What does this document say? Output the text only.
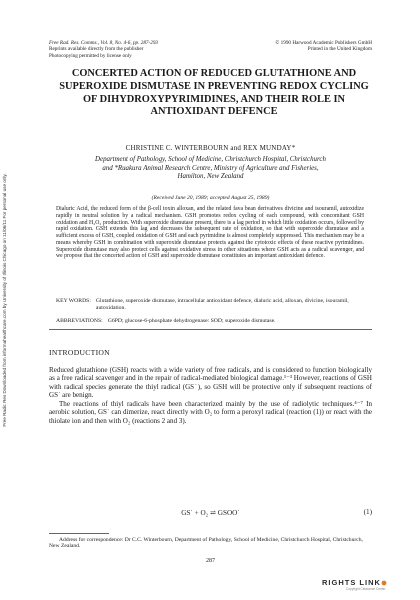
Free Radic Res Downloaded from informahealthcare.com by University of Illinois Chicago on 11/06/11 For personal use only.
Free Rad. Res. Comms., Vol. 8, No. 4-6, pp. 287-293
Reprints available directly from the publisher
Photocopying permitted by license only
© 1990 Harwood Academic Publishers GmbH
Printed in the United Kingdom
CONCERTED ACTION OF REDUCED GLUTATHIONE AND SUPEROXIDE DISMUTASE IN PREVENTING REDOX CYCLING OF DIHYDROXYPYRIMIDINES, AND THEIR ROLE IN ANTIOXIDANT DEFENCE
CHRISTINE C. WINTERBOURN and REX MUNDAY*
Department of Pathology, School of Medicine, Christchurch Hospital, Christchurch
and *Ruakura Animal Research Centre, Ministry of Agriculture and Fisheries,
Hamilton, New Zealand
(Received June 20, 1989; accepted August 25, 1989)

Dialuric Acid, the reduced form of the β-cell toxin alloxan, and the related fava bean derivatives divicine and isouramil, autoxidize rapidly in neutral solution by a radical mechanism. GSH promotes redox cycling of each compound, with concomitant GSH oxidation and H₂O₂ production. With superoxide dismutase present, there is a lag period in which little oxidation occurs, followed by rapid oxidation. GSH extends this lag and decreases the subsequent rate of oxidation, so that with superoxide dismutase and a sufficient excess of GSH, coupled oxidation of GSH and each pyrimidine is almost completely suppressed. This mechanism may be a means whereby GSH in combination with superoxide dismutase protects against the cytotoxic effects of these reactive pyrimidines. Superoxide dismutase may also protect cells against oxidative stress in other situations where GSH acts as a radical scavenger, and we propose that the concerted action of GSH and superoxide dismutase constitutes an important antioxidant defence.

KEY WORDS: Glutathione, superoxide dismutase, intracellular antioxidant defence, dialuric acid, alloxan, divicine, isouramil, autoxidation.
ABBREVIATIONS: G6PD; glucose-6-phosphate dehydrogenase: SOD; superoxide dismutase.
INTRODUCTION

Reduced glutathione (GSH) reacts with a wide variety of free radicals, and is considered to function biologically as a free radical scavenger and in the repair of radical-mediated biological damage.¹⁻³ However, reactions of GSH with radical species generate the thiyl radical (GS˙), so GSH will be protective only if subsequent reactions of GS˙ are benign.

The reactions of thiyl radicals have been characterized mainly by the use of radiolytic techniques.⁴⁻⁷ In aerobic solution, GS˙ can dimerize, react directly with O₂ to form a peroxyl radical (reaction (1)) or react with the thiolate ion and then with O₂ (reactions 2 and 3).

GS˙ + O₂ ⇌ GSOO˙	(1)

Address for correspondence: Dr C.C. Winterbourn, Department of Pathology, School of Medicine, Christchurch Hospital, Christchurch, New Zealand.

287
RIGHTS LINK
Copyright Clearance Center
